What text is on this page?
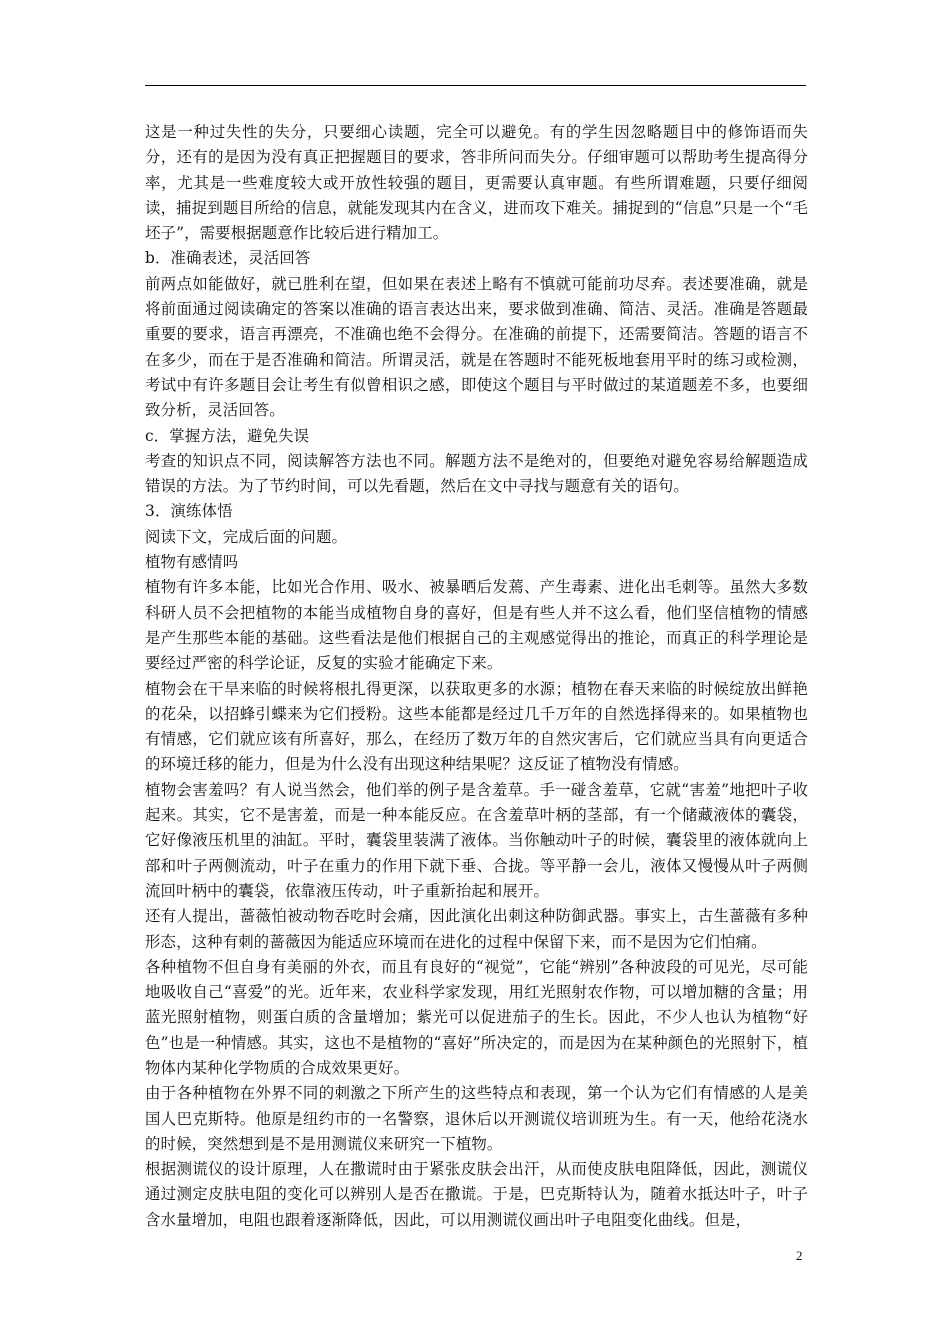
这是一种过失性的失分，只要细心读题，完全可以避免。有的学生因忽略题目中的修饰语而失分，还有的是因为没有真正把握题目的要求，答非所问而失分。仔细审题可以帮助考生提高得分率，尤其是一些难度较大或开放性较强的题目，更需要认真审题。有些所谓难题，只要仔细阅读，捕捉到题目所给的信息，就能发现其内在含义，进而攻下难关。捕捉到的“信息”只是一个“毛坯子”，需要根据题意作比较后进行精加工。

b．准确表述，灵活回答

前两点如能做好，就已胜利在望，但如果在表述上略有不慎就可能前功尽弃。表述要准确，就是将前面通过阅读确定的答案以准确的语言表达出来，要求做到准确、简洁、灵活。准确是答题最重要的要求，语言再漂亮，不准确也绝不会得分。在准确的前提下，还需要简洁。答题的语言不在多少，而在于是否准确和简洁。所谓灵活，就是在答题时不能死板地套用平时的练习或检测，考试中有许多题目会让考生有似曾相识之感，即使这个题目与平时做过的某道题差不多，也要细致分析，灵活回答。

c．掌握方法，避免失误

考查的知识点不同，阅读解答方法也不同。解题方法不是绝对的，但要绝对避免容易给解题造成错误的方法。为了节约时间，可以先看题，然后在文中寻找与题意有关的语句。

3．演练体悟

阅读下文，完成后面的问题。

植物有感情吗

植物有许多本能，比如光合作用、吸水、被暴晒后发蔫、产生毒素、进化出毛刺等。虽然大多数科研人员不会把植物的本能当成植物自身的喜好，但是有些人并不这么看，他们坚信植物的情感是产生那些本能的基础。这些看法是他们根据自己的主观感觉得出的推论，而真正的科学理论是要经过严密的科学论证，反复的实验才能确定下来。

植物会在干旱来临的时候将根扎得更深，以获取更多的水源；植物在春天来临的时候绽放出鲜艳的花朵，以招蜂引蝶来为它们授粉。这些本能都是经过几千万年的自然选择得来的。如果植物也有情感，它们就应该有所喜好，那么，在经历了数万年的自然灾害后，它们就应当具有向更适合的环境迁移的能力，但是为什么没有出现这种结果呢？这反证了植物没有情感。

植物会害羞吗？有人说当然会，他们举的例子是含羞草。手一碰含羞草，它就“害羞”地把叶子收起来。其实，它不是害羞，而是一种本能反应。在含羞草叶柄的茎部，有一个储藏液体的囊袋，它好像液压机里的油缸。平时，囊袋里装满了液体。当你触动叶子的时候，囊袋里的液体就向上部和叶子两侧流动，叶子在重力的作用下就下垂、合拢。等平静一会儿，液体又慢慢从叶子两侧流回叶柄中的囊袋，依靠液压传动，叶子重新抬起和展开。

还有人提出，蔷薇怕被动物吞吃时会痛，因此演化出刺这种防御武器。事实上，古生蔷薇有多种形态，这种有刺的蔷薇因为能适应环境而在进化的过程中保留下来，而不是因为它们怕痛。

各种植物不但自身有美丽的外衣，而且有良好的“视觉”，它能“辨别”各种波段的可见光，尽可能地吸收自己“喜爱”的光。近年来，农业科学家发现，用红光照射农作物，可以增加糖的含量；用蓝光照射植物，则蛋白质的含量增加；紫光可以促进茄子的生长。因此，不少人也认为植物“好色”也是一种情感。其实，这也不是植物的“喜好”所决定的，而是因为在某种颜色的光照射下，植物体内某种化学物质的合成效果更好。

由于各种植物在外界不同的刺激之下所产生的这些特点和表现，第一个认为它们有情感的人是美国人巴克斯特。他原是纽约市的一名警察，退休后以开测谎仪培训班为生。有一天，他给花浇水的时候，突然想到是不是用测谎仪来研究一下植物。

根据测谎仪的设计原理，人在撒谎时由于紧张皮肤会出汗，从而使皮肤电阻降低，因此，测谎仪通过测定皮肤电阻的变化可以辨别人是否在撒谎。于是，巴克斯特认为，随着水抵达叶子，叶子含水量增加，电阻也跟着逐渐降低，因此，可以用测谎仪画出叶子电阻变化曲线。但是，

2
